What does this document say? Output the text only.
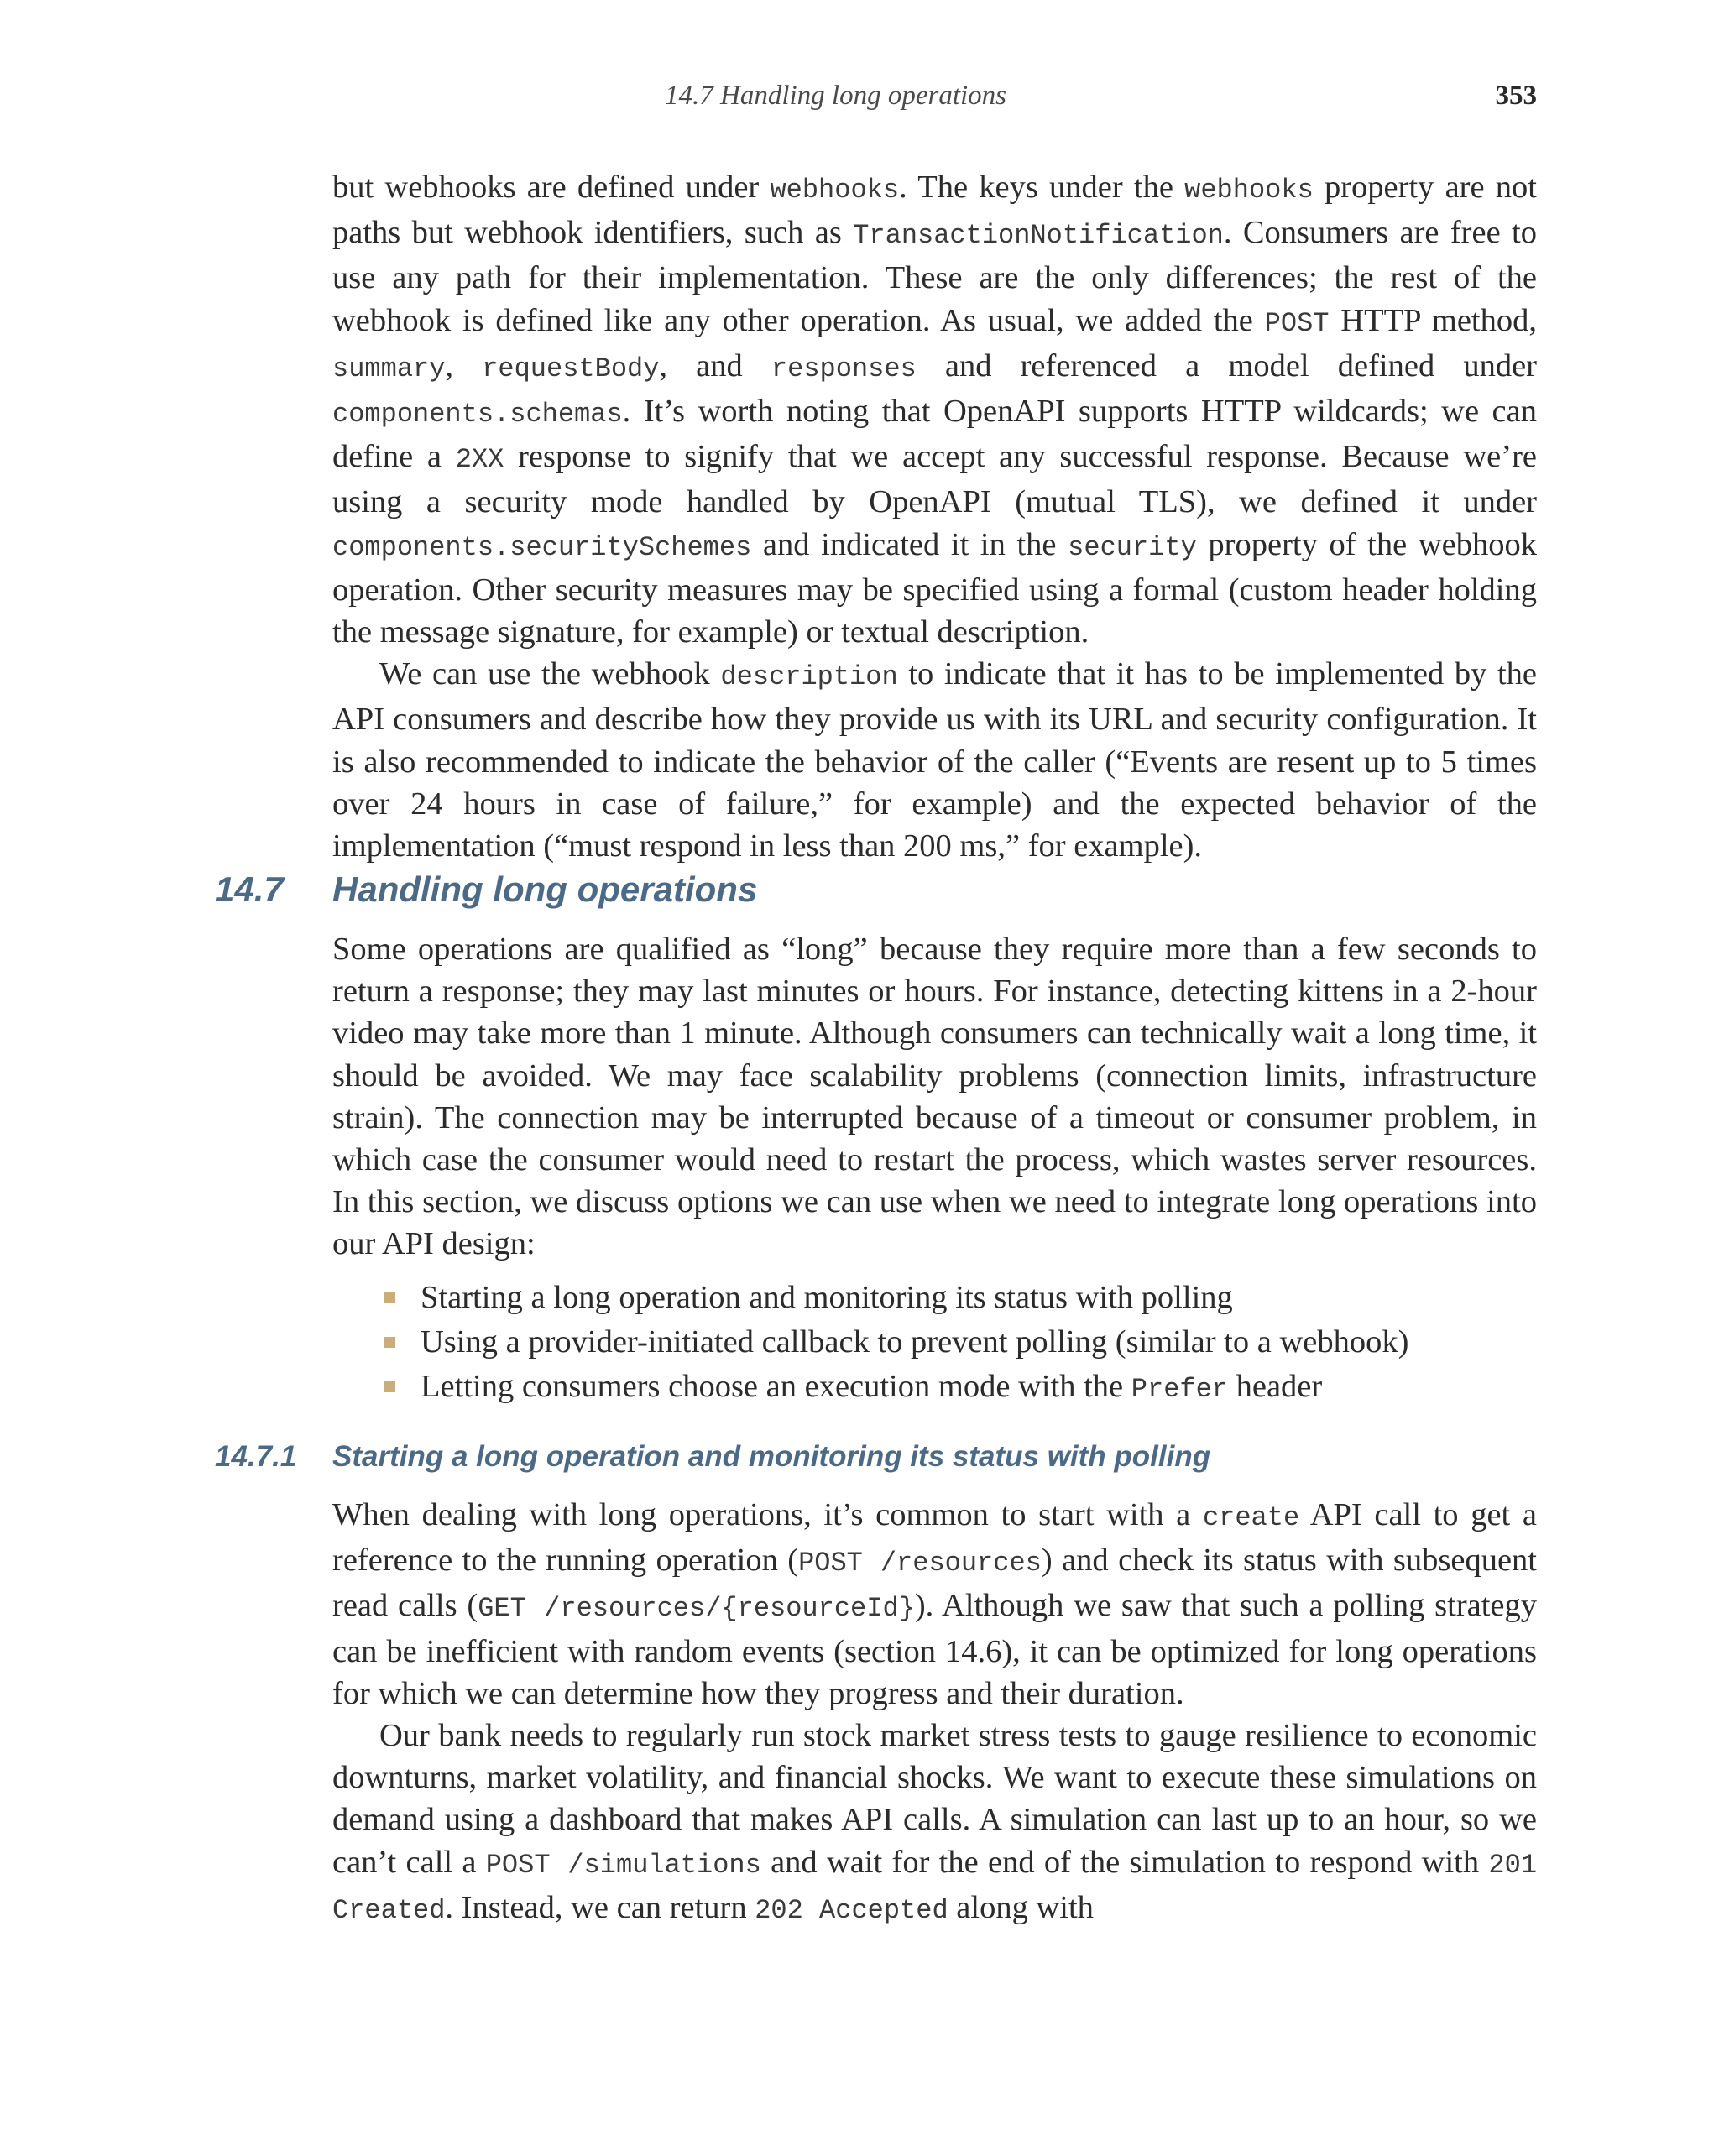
14.7 Handling long operations	353

but webhooks are defined under webhooks. The keys under the webhooks property are not paths but webhook identifiers, such as TransactionNotification. Consumers are free to use any path for their implementation. These are the only differences; the rest of the webhook is defined like any other operation. As usual, we added the POST HTTP method, summary, requestBody, and responses and referenced a model defined under components.schemas. It’s worth noting that OpenAPI supports HTTP wildcards; we can define a 2XX response to signify that we accept any successful response. Because we’re using a security mode handled by OpenAPI (mutual TLS), we defined it under components.securitySchemes and indicated it in the security property of the webhook operation. Other security measures may be specified using a formal (custom header holding the message signature, for example) or textual description.

We can use the webhook description to indicate that it has to be implemented by the API consumers and describe how they provide us with its URL and security configuration. It is also recommended to indicate the behavior of the caller (“Events are resent up to 5 times over 24 hours in case of failure,” for example) and the expected behavior of the implementation (“must respond in less than 200 ms,” for example).

14.7 Handling long operations

Some operations are qualified as “long” because they require more than a few seconds to return a response; they may last minutes or hours. For instance, detecting kittens in a 2-hour video may take more than 1 minute. Although consumers can technically wait a long time, it should be avoided. We may face scalability problems (connection limits, infrastructure strain). The connection may be interrupted because of a timeout or consumer problem, in which case the consumer would need to restart the process, which wastes server resources. In this section, we discuss options we can use when we need to integrate long operations into our API design:

Starting a long operation and monitoring its status with polling
Using a provider-initiated callback to prevent polling (similar to a webhook)
Letting consumers choose an execution mode with the Prefer header
14.7.1 Starting a long operation and monitoring its status with polling

When dealing with long operations, it’s common to start with a create API call to get a reference to the running operation (POST /resources) and check its status with subsequent read calls (GET /resources/{resourceId}). Although we saw that such a polling strategy can be inefficient with random events (section 14.6), it can be optimized for long operations for which we can determine how they progress and their duration.

Our bank needs to regularly run stock market stress tests to gauge resilience to economic downturns, market volatility, and financial shocks. We want to execute these simulations on demand using a dashboard that makes API calls. A simulation can last up to an hour, so we can’t call a POST /simulations and wait for the end of the simulation to respond with 201 Created. Instead, we can return 202 Accepted along with
